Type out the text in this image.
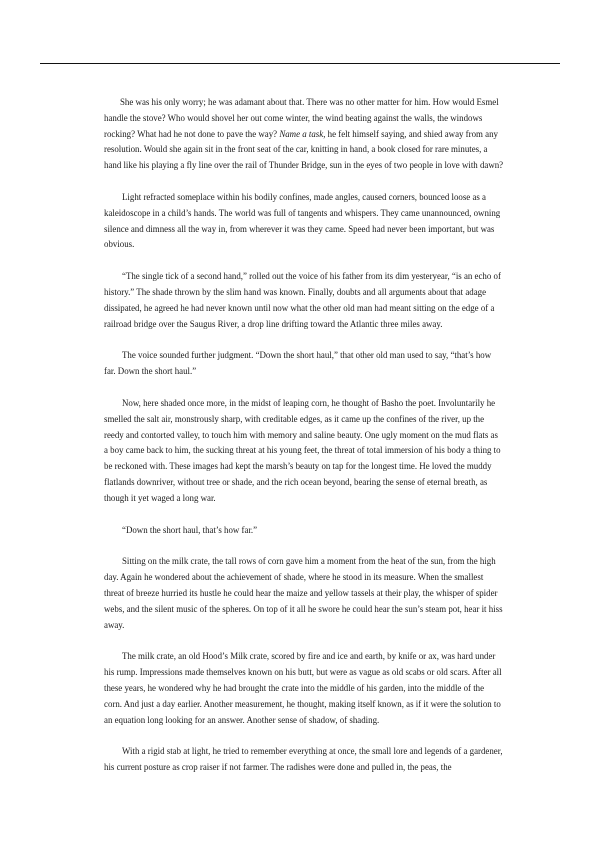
She was his only worry; he was adamant about that. There was no other matter for him. How would Esmel handle the stove? Who would shovel her out come winter, the wind beating against the walls, the windows rocking? What had he not done to pave the way? Name a task, he felt himself saying, and shied away from any resolution. Would she again sit in the front seat of the car, knitting in hand, a book closed for rare minutes, a hand like his playing a fly line over the rail of Thunder Bridge, sun in the eyes of two people in love with dawn?

Light refracted someplace within his bodily confines, made angles, caused corners, bounced loose as a kaleidoscope in a child’s hands. The world was full of tangents and whispers. They came unannounced, owning silence and dimness all the way in, from wherever it was they came. Speed had never been important, but was obvious.

“The single tick of a second hand,” rolled out the voice of his father from its dim yesteryear, “is an echo of history.” The shade thrown by the slim hand was known. Finally, doubts and all arguments about that adage dissipated, he agreed he had never known until now what the other old man had meant sitting on the edge of a railroad bridge over the Saugus River, a drop line drifting toward the Atlantic three miles away.

The voice sounded further judgment. “Down the short haul,” that other old man used to say, “that’s how far. Down the short haul.”

Now, here shaded once more, in the midst of leaping corn, he thought of Basho the poet. Involuntarily he smelled the salt air, monstrously sharp, with creditable edges, as it came up the confines of the river, up the reedy and contorted valley, to touch him with memory and saline beauty. One ugly moment on the mud flats as a boy came back to him, the sucking threat at his young feet, the threat of total immersion of his body a thing to be reckoned with. These images had kept the marsh’s beauty on tap for the longest time. He loved the muddy flatlands downriver, without tree or shade, and the rich ocean beyond, bearing the sense of eternal breath, as though it yet waged a long war.

“Down the short haul, that’s how far.”

Sitting on the milk crate, the tall rows of corn gave him a moment from the heat of the sun, from the high day. Again he wondered about the achievement of shade, where he stood in its measure. When the smallest threat of breeze hurried its hustle he could hear the maize and yellow tassels at their play, the whisper of spider webs, and the silent music of the spheres. On top of it all he swore he could hear the sun’s steam pot, hear it hiss away.

The milk crate, an old Hood’s Milk crate, scored by fire and ice and earth, by knife or ax, was hard under his rump. Impressions made themselves known on his butt, but were as vague as old scabs or old scars. After all these years, he wondered why he had brought the crate into the middle of his garden, into the middle of the corn. And just a day earlier. Another measurement, he thought, making itself known, as if it were the solution to an equation long looking for an answer. Another sense of shadow, of shading.

With a rigid stab at light, he tried to remember everything at once, the small lore and legends of a gardener, his current posture as crop raiser if not farmer. The radishes were done and pulled in, the peas, the
